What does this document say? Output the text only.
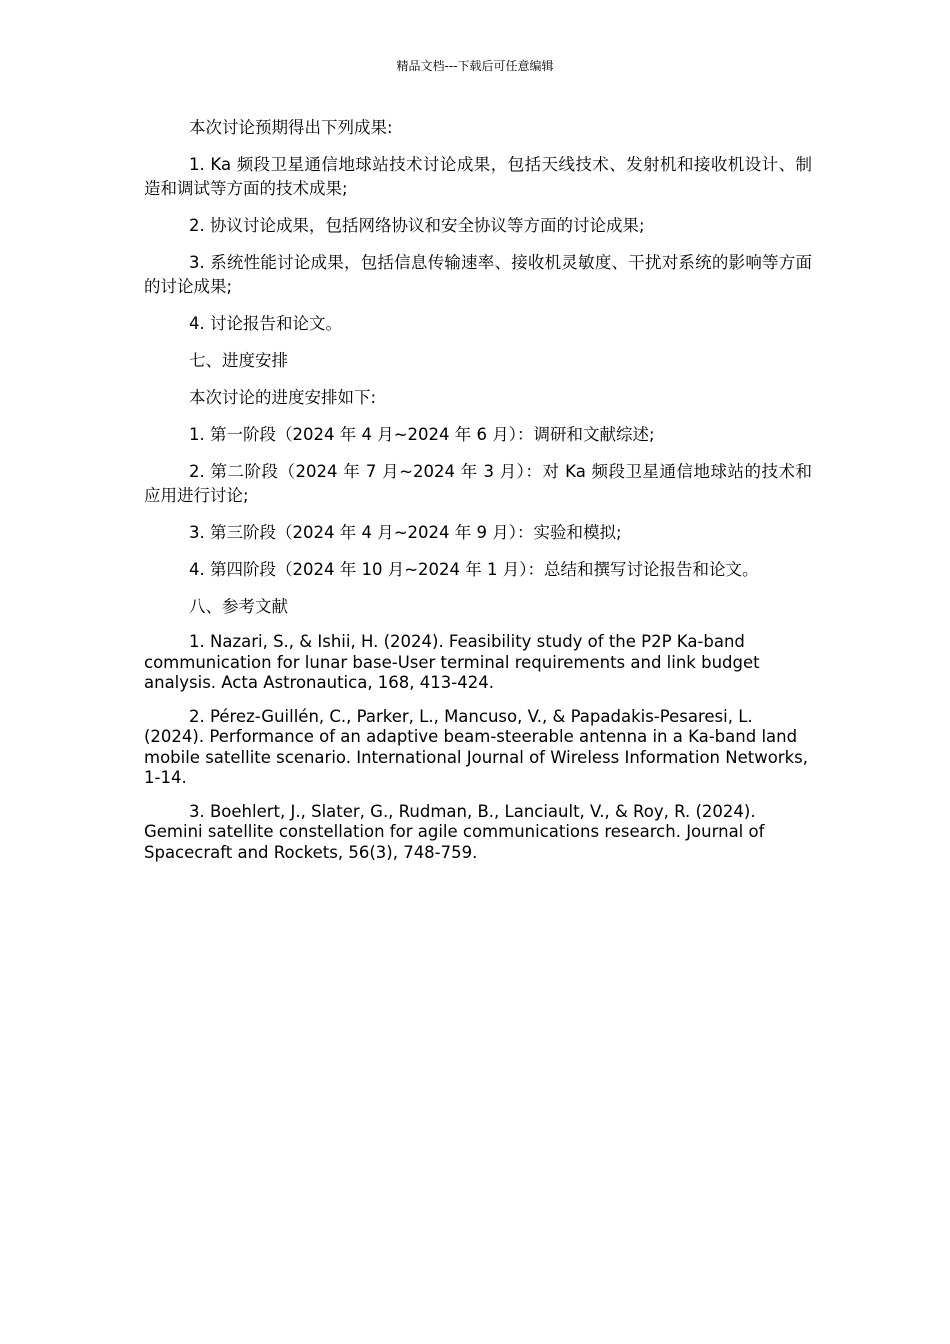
精品文档---下载后可任意编辑

本次讨论预期得出下列成果:

1. Ka 频段卫星通信地球站技术讨论成果，包括天线技术、发射机和接收机设计、制造和调试等方面的技术成果;

2. 协议讨论成果，包括网络协议和安全协议等方面的讨论成果;

3. 系统性能讨论成果，包括信息传输速率、接收机灵敏度、干扰对系统的影响等方面的讨论成果;

4. 讨论报告和论文。

七、进度安排

本次讨论的进度安排如下:

1. 第一阶段（2024 年 4 月~2024 年 6 月）：调研和文献综述;

2. 第二阶段（2024 年 7 月~2024 年 3 月）：对 Ka 频段卫星通信地球站的技术和应用进行讨论;

3. 第三阶段（2024 年 4 月~2024 年 9 月）：实验和模拟;

4. 第四阶段（2024 年 10 月~2024 年 1 月）：总结和撰写讨论报告和论文。

八、参考文献

1. Nazari, S., & Ishii, H. (2024). Feasibility study of the P2P Ka-band communication for lunar base-User terminal requirements and link budget analysis. Acta Astronautica, 168, 413-424.

2. Pérez-Guillén, C., Parker, L., Mancuso, V., & Papadakis-Pesaresi, L. (2024). Performance of an adaptive beam-steerable antenna in a Ka-band land mobile satellite scenario. International Journal of Wireless Information Networks, 1-14.

3. Boehlert, J., Slater, G., Rudman, B., Lanciault, V., & Roy, R. (2024). Gemini satellite constellation for agile communications research. Journal of Spacecraft and Rockets, 56(3), 748-759.
